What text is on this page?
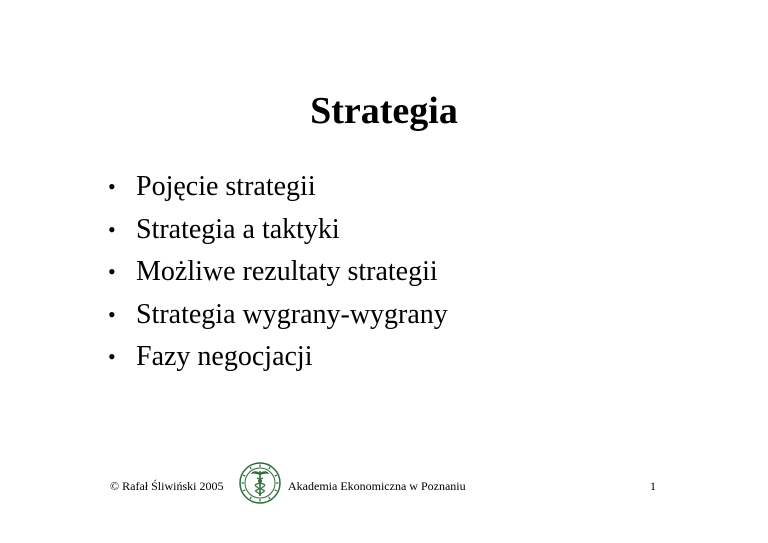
Strategia
• Pojęcie strategii
• Strategia a taktyki
• Możliwe rezultaty strategii
• Strategia wygrany-wygrany
• Fazy negocjacji
© Rafał Śliwiński 2005	Akademia Ekonomiczna w Poznaniu	1
